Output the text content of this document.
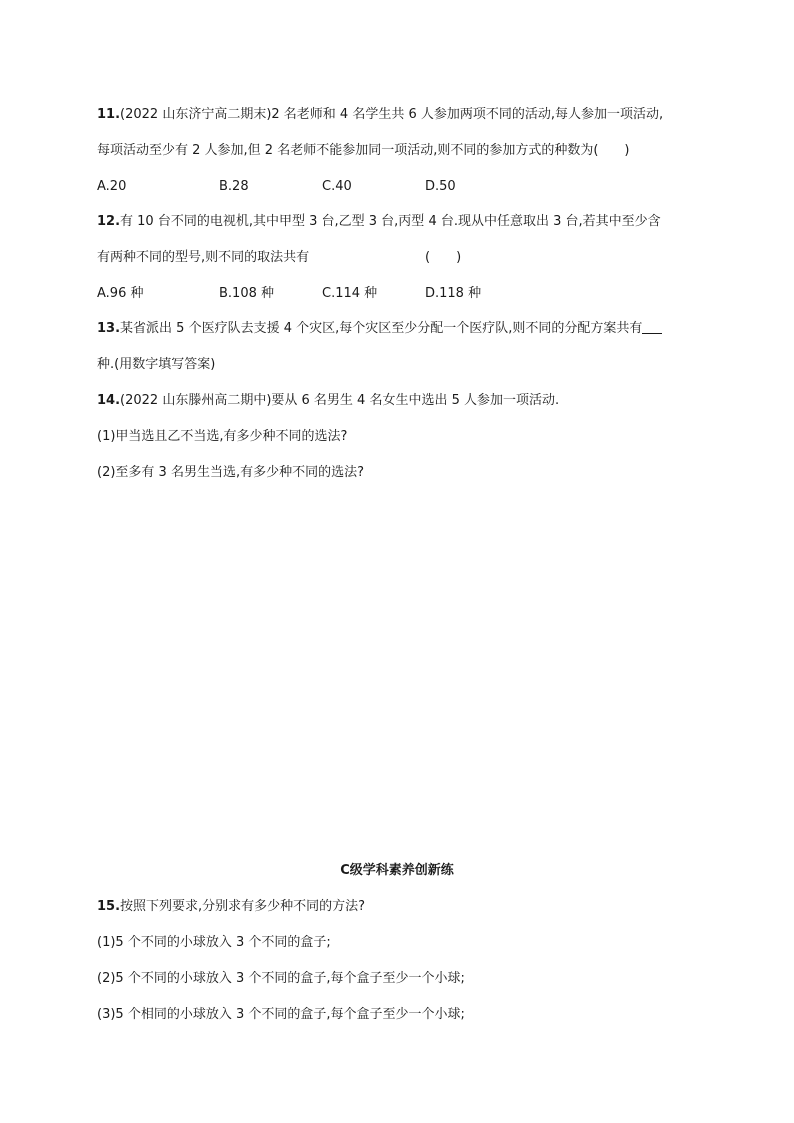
11.(2022 山东济宁高二期末)2 名老师和 4 名学生共 6 人参加两项不同的活动,每人参加一项活动,
每项活动至少有 2 人参加,但 2 名老师不能参加同一项活动,则不同的参加方式的种数为(　　)
A.20	B.28	C.40	D.50
12.有 10 台不同的电视机,其中甲型 3 台,乙型 3 台,丙型 4 台.现从中任意取出 3 台,若其中至少含
有两种不同的型号,则不同的取法共有	(　　)
A.96 种	B.108 种	C.114 种	D.118 种
13.某省派出 5 个医疗队去支援 4 个灾区,每个灾区至少分配一个医疗队,则不同的分配方案共有
种.(用数字填写答案)
14.(2022 山东滕州高二期中)要从 6 名男生 4 名女生中选出 5 人参加一项活动.
(1)甲当选且乙不当选,有多少种不同的选法?
(2)至多有 3 名男生当选,有多少种不同的选法?
C级学科素养创新练
15.按照下列要求,分别求有多少种不同的方法?
(1)5 个不同的小球放入 3 个不同的盒子;
(2)5 个不同的小球放入 3 个不同的盒子,每个盒子至少一个小球;
(3)5 个相同的小球放入 3 个不同的盒子,每个盒子至少一个小球;
